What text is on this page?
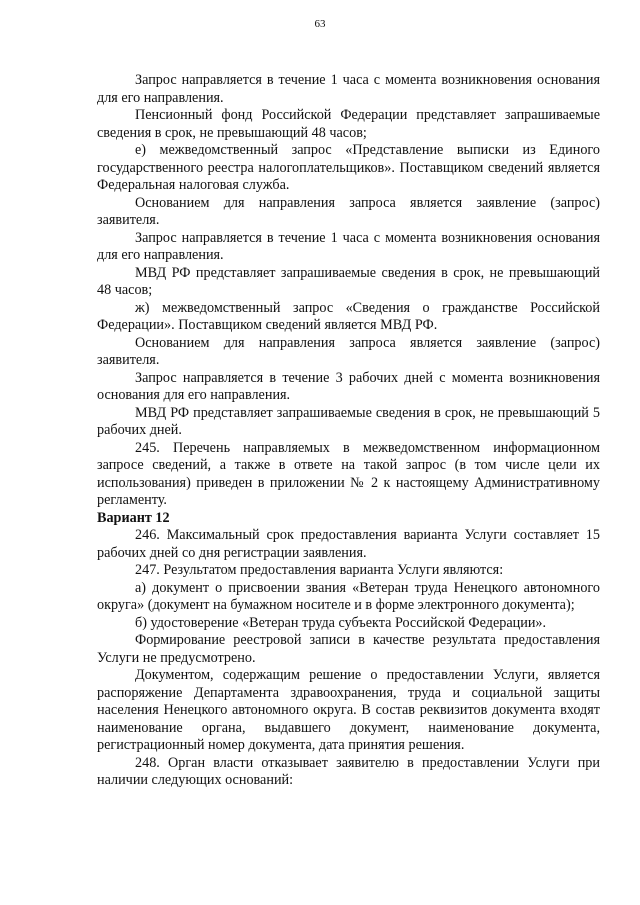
63

Запрос направляется в течение 1 часа с момента возникновения основания для его направления.

Пенсионный фонд Российской Федерации представляет запрашиваемые сведения в срок, не превышающий 48 часов;

е) межведомственный запрос «Представление выписки из Единого государственного реестра налогоплательщиков». Поставщиком сведений является Федеральная налоговая служба.

Основанием для направления запроса является заявление (запрос) заявителя.

Запрос направляется в течение 1 часа с момента возникновения основания для его направления.

МВД РФ представляет запрашиваемые сведения в срок, не превышающий 48 часов;

ж) межведомственный запрос «Сведения о гражданстве Российской Федерации». Поставщиком сведений является МВД РФ.

Основанием для направления запроса является заявление (запрос) заявителя.

Запрос направляется в течение 3 рабочих дней с момента возникновения основания для его направления.

МВД РФ представляет запрашиваемые сведения в срок, не превышающий 5 рабочих дней.

245. Перечень направляемых в межведомственном информационном запросе сведений, а также в ответе на такой запрос (в том числе цели их использования) приведен в приложении № 2 к настоящему Административному регламенту.

Вариант 12

246. Максимальный срок предоставления варианта Услуги составляет 15 рабочих дней со дня регистрации заявления.

247. Результатом предоставления варианта Услуги являются:

а) документ о присвоении звания «Ветеран труда Ненецкого автономного округа» (документ на бумажном носителе и в форме электронного документа);

б) удостоверение «Ветеран труда субъекта Российской Федерации».

Формирование реестровой записи в качестве результата предоставления Услуги не предусмотрено.

Документом, содержащим решение о предоставлении Услуги, является распоряжение Департамента здравоохранения, труда и социальной защиты населения Ненецкого автономного округа. В состав реквизитов документа входят наименование органа, выдавшего документ, наименование документа, регистрационный номер документа, дата принятия решения.

248. Орган власти отказывает заявителю в предоставлении Услуги при наличии следующих оснований:
